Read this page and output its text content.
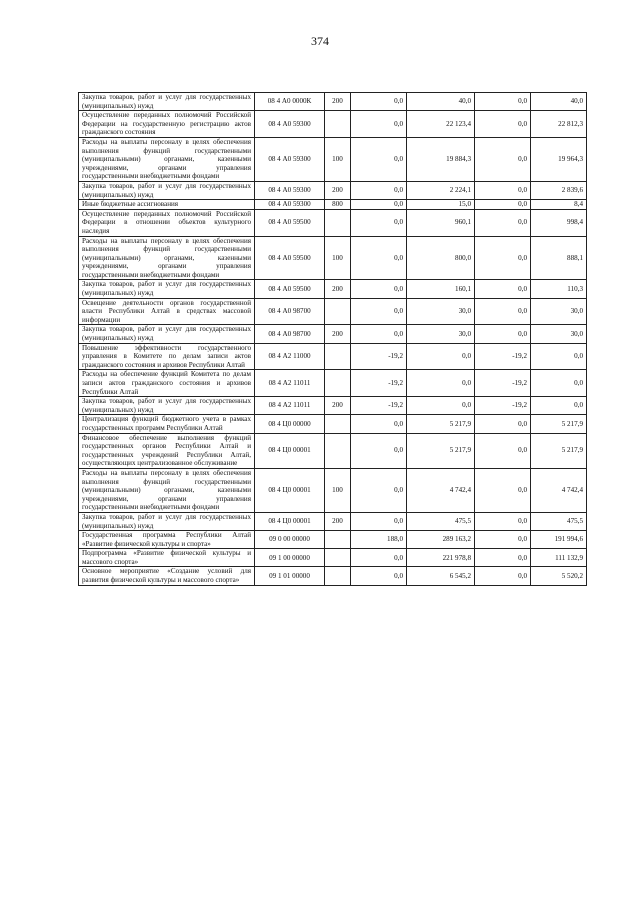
374
Закупка товаров, работ и услуг для государственных (муниципальных) нужд	08 4 А0 0000К	200	0,0	40,0	0,0	40,0
Осуществление переданных полномочий Российской Федерации на государственную регистрацию актов гражданского состояния	08 4 А0 59300		0,0	22 123,4	0,0	22 812,3
Расходы на выплаты персоналу в целях обеспечения выполнения функций государственными (муниципальными) органами, казенными учреждениями, органами управления государственными внебюджетными фондами	08 4 А0 59300	100	0,0	19 884,3	0,0	19 964,3
Закупка товаров, работ и услуг для государственных (муниципальных) нужд	08 4 А0 59300	200	0,0	2 224,1	0,0	2 839,6
Иные бюджетные ассигнования	08 4 А0 59300	800	0,0	15,0	0,0	8,4
Осуществление переданных полномочий Российской Федерации в отношении объектов культурного наследия	08 4 А0 59500		0,0	960,1	0,0	998,4
Расходы на выплаты персоналу в целях обеспечения выполнения функций государственными (муниципальными) органами, казенными учреждениями, органами управления государственными внебюджетными фондами	08 4 А0 59500	100	0,0	800,0	0,0	888,1
Закупка товаров, работ и услуг для государственных (муниципальных) нужд	08 4 А0 59500	200	0,0	160,1	0,0	110,3
Освещение деятельности органов государственной власти Республики Алтай в средствах массовой информации	08 4 А0 98700		0,0	30,0	0,0	30,0
Закупка товаров, работ и услуг для государственных (муниципальных) нужд	08 4 А0 98700	200	0,0	30,0	0,0	30,0
Повышение эффективности государственного управления в Комитете по делам записи актов гражданского состояния и архивов Республики Алтай	08 4 А2 11000		-19,2	0,0	-19,2	0,0
Расходы на обеспечение функций Комитета по делам записи актов гражданского состояния и архивов Республики Алтай	08 4 А2 11011		-19,2	0,0	-19,2	0,0
Закупка товаров, работ и услуг для государственных (муниципальных) нужд	08 4 А2 11011	200	-19,2	0,0	-19,2	0,0
Централизация функций бюджетного учета в рамках государственных программ Республики Алтай	08 4 Ц0 00000		0,0	5 217,9	0,0	5 217,9
Финансовое обеспечение выполнения функций государственных органов Республики Алтай и государственных учреждений Республики Алтай, осуществляющих централизованное обслуживание	08 4 Ц0 00001		0,0	5 217,9	0,0	5 217,9
Расходы на выплаты персоналу в целях обеспечения выполнения функций государственными (муниципальными) органами, казенными учреждениями, органами управления государственными внебюджетными фондами	08 4 Ц0 00001	100	0,0	4 742,4	0,0	4 742,4
Закупка товаров, работ и услуг для государственных (муниципальных) нужд	08 4 Ц0 00001	200	0,0	475,5	0,0	475,5
Государственная программа Республики Алтай «Развитие физической культуры и спорта»	09 0 00 00000		188,0	289 163,2	0,0	191 994,6
Подпрограмма «Развитие физической культуры и массового спорта»	09 1 00 00000		0,0	221 978,8	0,0	111 132,9
Основное мероприятие «Создание условий для развития физической культуры и массового спорта»	09 1 01 00000		0,0	6 545,2	0,0	5 520,2
